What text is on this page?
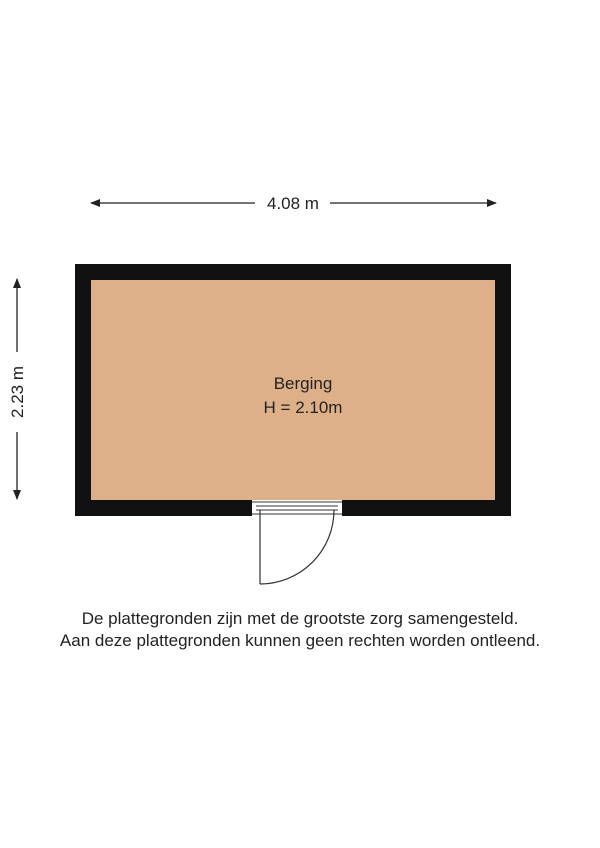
4.08 m
2.23 m	Berging
H = 2.10m
De plattegronden zijn met de grootste zorg samengesteld.
Aan deze plattegronden kunnen geen rechten worden ontleend.
